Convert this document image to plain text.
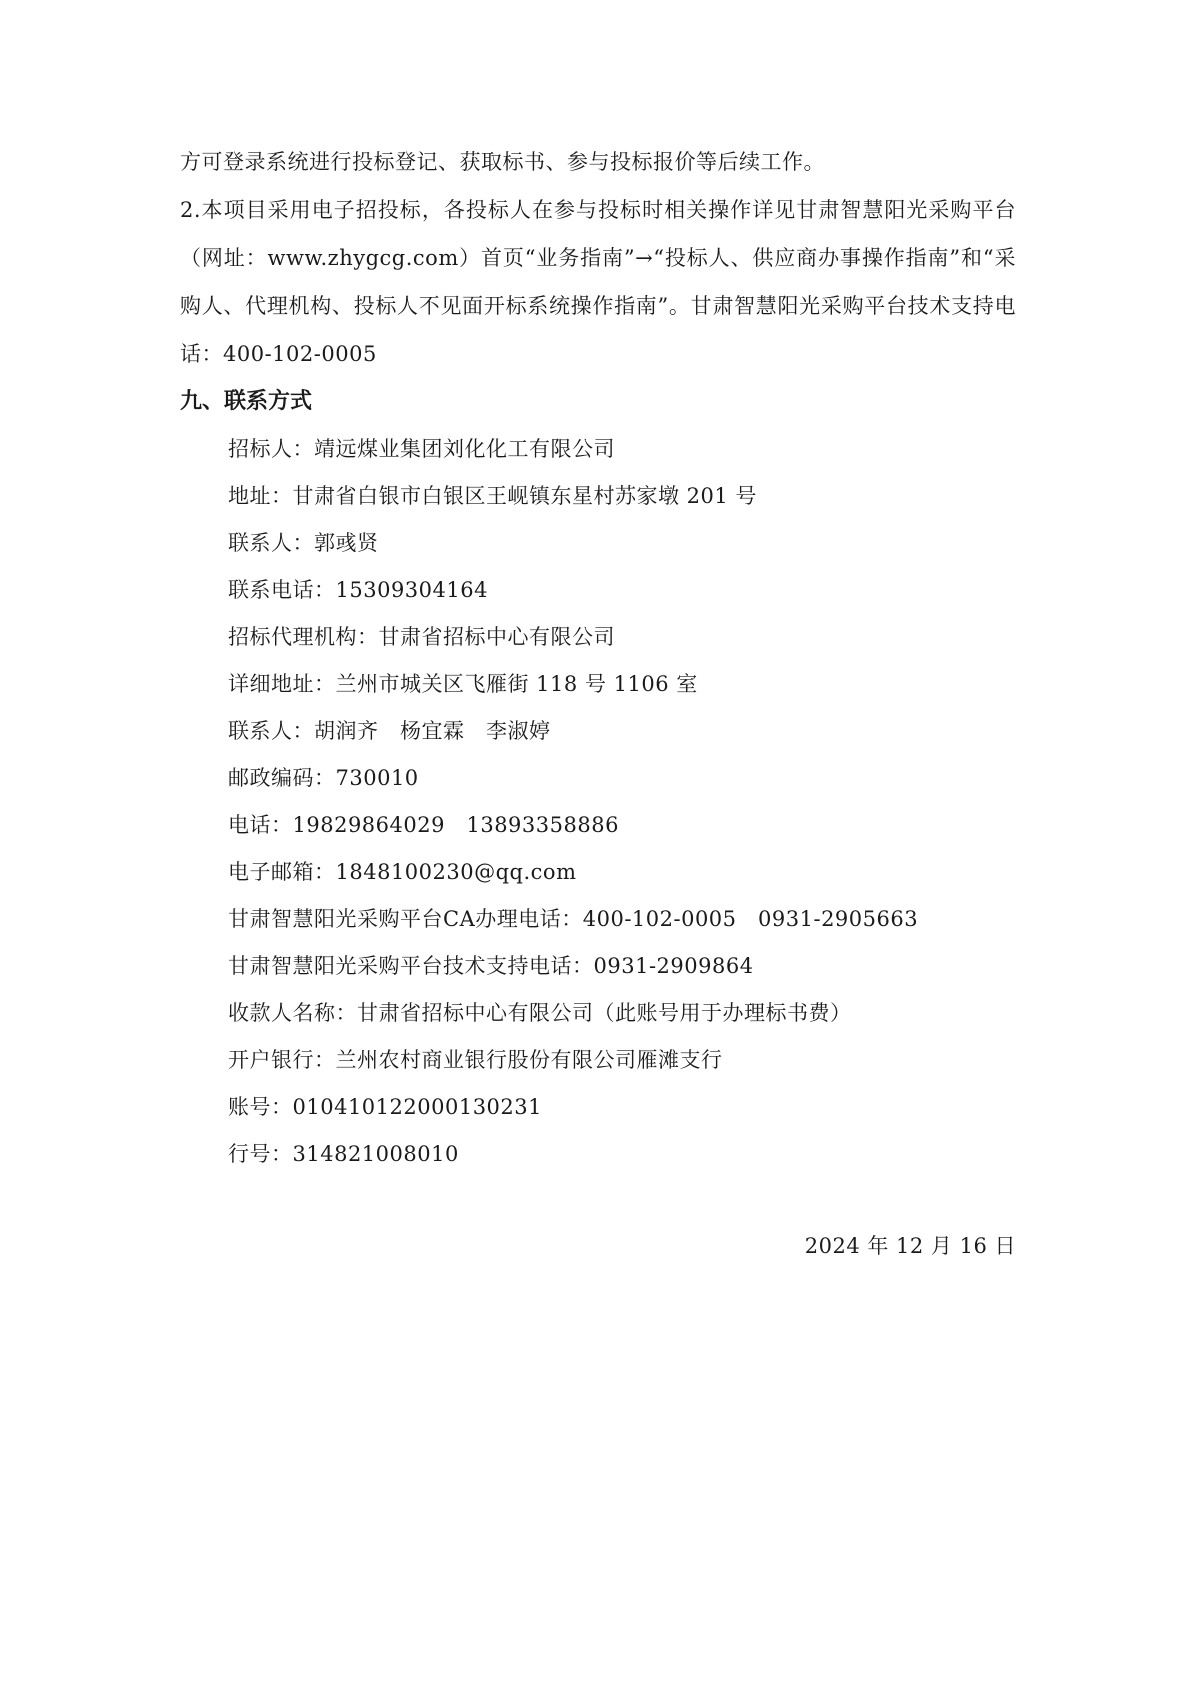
方可登录系统进行投标登记、获取标书、参与投标报价等后续工作。

2.本项目采用电子招投标，各投标人在参与投标时相关操作详见甘肃智慧阳光采购平台（网址：www.zhygcg.com）首页“业务指南”→“投标人、供应商办事操作指南”和“采购人、代理机构、投标人不见面开标系统操作指南”。甘肃智慧阳光采购平台技术支持电话：400-102-0005

九、联系方式
招标人：靖远煤业集团刘化化工有限公司
地址：甘肃省白银市白银区王岘镇东星村苏家墩 201 号
联系人：郭彧贤
联系电话：15309304164
招标代理机构：甘肃省招标中心有限公司
详细地址：兰州市城关区飞雁街 118 号 1106 室
联系人：胡润齐　杨宜霖　李淑婷
邮政编码：730010
电话：19829864029　13893358886
电子邮箱：1848100230@qq.com
甘肃智慧阳光采购平台CA办理电话：400-102-0005　0931-2905663
甘肃智慧阳光采购平台技术支持电话：0931-2909864
收款人名称：甘肃省招标中心有限公司（此账号用于办理标书费）
开户银行：兰州农村商业银行股份有限公司雁滩支行
账号：010410122000130231
行号：314821008010
2024 年 12 月 16 日
